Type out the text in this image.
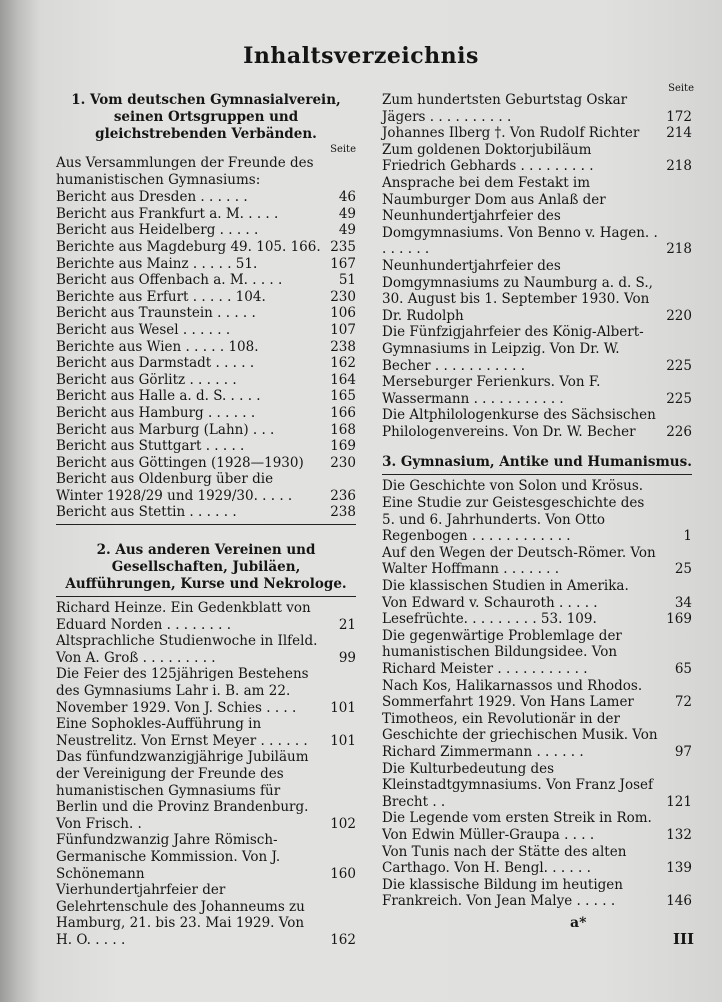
Inhaltsverzeichnis
1. Vom deutschen Gymnasialverein, seinen Ortsgruppen und gleichstrebenden Verbänden.
Seite
Aus Versammlungen der Freunde des humanistischen Gymnasiums:
Bericht aus Dresden . . . . . .	46
Bericht aus Frankfurt a. M. . . . .	49
Bericht aus Heidelberg . . . . .	49
Berichte aus Magdeburg 49. 105. 166. 235
Berichte aus Mainz . . . . . 51.	167
Bericht aus Offenbach a. M. . . . .	51
Berichte aus Erfurt . . . . . 104.	230
Bericht aus Traunstein . . . . .	106
Bericht aus Wesel . . . . . .	107
Berichte aus Wien . . . . . 108.	238
Bericht aus Darmstadt . . . . .	162
Bericht aus Görlitz . . . . . .	164
Bericht aus Halle a. d. S. . . . .	165
Bericht aus Hamburg . . . . . .	166
Bericht aus Marburg (Lahn) . . .	168
Bericht aus Stuttgart . . . . .	169
Bericht aus Göttingen (1928—1930)	230
Bericht aus Oldenburg über die Winter 1928/29 und 1929/30. . . . .	236
Bericht aus Stettin . . . . . .	238
2. Aus anderen Vereinen und Gesellschaften, Jubiläen, Aufführungen, Kurse und Nekrologe.
Richard Heinze. Ein Gedenkblatt von Eduard Norden . . . . . . . .	21
Altsprachliche Studienwoche in Ilfeld. Von A. Groß . . . . . . . . .	99
Die Feier des 125jährigen Bestehens des Gymnasiums Lahr i. B. am 22. November 1929. Von J. Schies . . . .	101
Eine Sophokles-Aufführung in Neustrelitz. Von Ernst Meyer . . . . . .	101
Das fünfundzwanzigjährige Jubiläum der Vereinigung der Freunde des humanistischen Gymnasiums für Berlin und die Provinz Brandenburg. Von Frisch. .	102
Fünfundzwanzig Jahre Römisch-Germanische Kommission. Von J. Schönemann	160
Vierhundertjahrfeier der Gelehrtenschule des Johanneums zu Hamburg, 21. bis 23. Mai 1929. Von H. O. . . . .	162
Seite
Zum hundertsten Geburtstag Oskar Jägers . . . . . . . . . .	172
Johannes Ilberg †. Von Rudolf Richter	214
Zum goldenen Doktorjubiläum Friedrich Gebhards . . . . . . . . .	218
Ansprache bei dem Festakt im Naumburger Dom aus Anlaß der Neunhundertjahrfeier des Domgymnasiums. Von Benno v. Hagen. . . . . . . .	218
Neunhundertjahrfeier des Domgymnasiums zu Naumburg a. d. S., 30. August bis 1. September 1930. Von Dr. Rudolph	220
Die Fünfzigjahrfeier des König-Albert-Gymnasiums in Leipzig. Von Dr. W. Becher . . . . . . . . . . .	225
Merseburger Ferienkurs. Von F. Wassermann . . . . . . . . . . .	225
Die Altphilologenkurse des Sächsischen Philologenvereins. Von Dr. W. Becher	226
3. Gymnasium, Antike und Humanismus.
Die Geschichte von Solon und Krösus. Eine Studie zur Geistesgeschichte des 5. und 6. Jahrhunderts. Von Otto Regenbogen . . . . . . . . . . . .	1
Auf den Wegen der Deutsch-Römer. Von Walter Hoffmann . . . . . . .	25
Die klassischen Studien in Amerika. Von Edward v. Schauroth . . . . .	34
Lesefrüchte. . . . . . . . . 53. 109.	169
Die gegenwärtige Problemlage der humanistischen Bildungsidee. Von Richard Meister . . . . . . . . . . .	65
Nach Kos, Halikarnassos und Rhodos. Sommerfahrt 1929. Von Hans Lamer	72
Timotheos, ein Revolutionär in der Geschichte der griechischen Musik. Von Richard Zimmermann . . . . . .	97
Die Kulturbedeutung des Kleinstadtgymnasiums. Von Franz Josef Brecht . .	121
Die Legende vom ersten Streik in Rom. Von Edwin Müller-Graupa . . . .	132
Von Tunis nach der Stätte des alten Carthago. Von H. Bengl. . . . . .	139
Die klassische Bildung im heutigen Frankreich. Von Jean Malye . . . . .	146
a*
III
